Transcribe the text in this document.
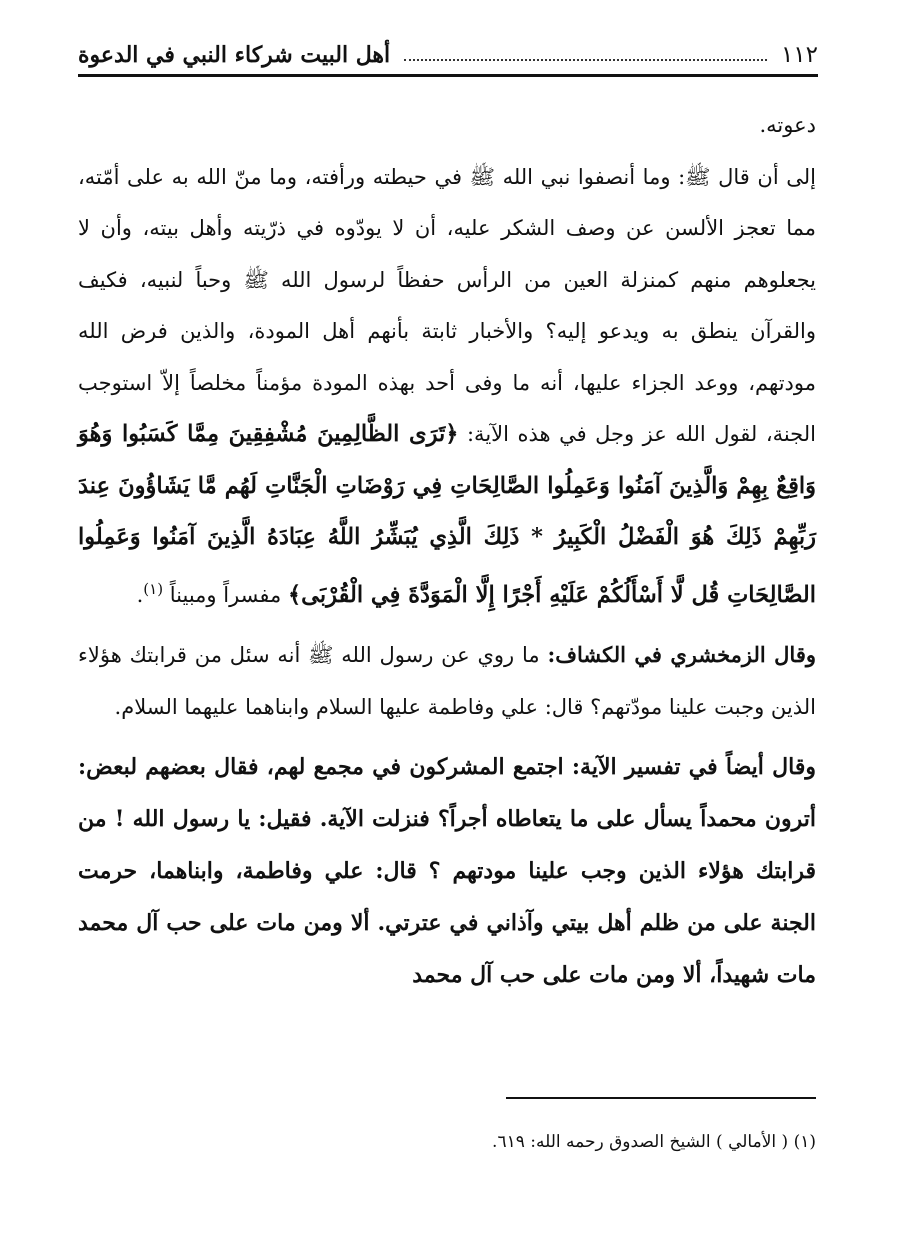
١١٢
أهل البيت شركاء النبي في الدعوة

دعوته.

إلى أن قال ﷺ: وما أنصفوا نبي الله ﷺ في حيطته ورأفته، وما منّ الله به على أمّته، مما تعجز الألسن عن وصف الشكر عليه، أن لا يودّوه في ذرّيته وأهل بيته، وأن لا يجعلوهم منهم كمنزلة العين من الرأس حفظاً لرسول الله ﷺ وحباً لنبيه، فكيف والقرآن ينطق به ويدعو إليه؟ والأخبار ثابتة بأنهم أهل المودة، والذين فرض الله مودتهم، ووعد الجزاء عليها، أنه ما وفى أحد بهذه المودة مؤمناً مخلصاً إلاّ استوجب الجنة، لقول الله عز وجل في هذه الآية: ﴿تَرَى الظَّالِمِينَ مُشْفِقِينَ مِمَّا كَسَبُوا وَهُوَ وَاقِعٌ بِهِمْ وَالَّذِينَ آمَنُوا وَعَمِلُوا الصَّالِحَاتِ فِي رَوْضَاتِ الْجَنَّاتِ لَهُم مَّا يَشَاؤُونَ عِندَ رَبِّهِمْ ذَلِكَ هُوَ الْفَضْلُ الْكَبِيرُ * ذَلِكَ الَّذِي يُبَشِّرُ اللَّهُ عِبَادَهُ الَّذِينَ آمَنُوا وَعَمِلُوا الصَّالِحَاتِ قُل لَّا أَسْأَلُكُمْ عَلَيْهِ أَجْرًا إِلَّا الْمَوَدَّةَ فِي الْقُرْبَى﴾ مفسراً ومبيناً $^{(١)}$.

وقال الزمخشري في الكشاف: ما روي عن رسول الله ﷺ أنه سئل من قرابتك هؤلاء الذين وجبت علينا مودّتهم؟ قال: علي وفاطمة عليها السلام وابناهما عليهما السلام.

وقال أيضاً في تفسير الآية: اجتمع المشركون في مجمع لهم، فقال بعضهم لبعض: أترون محمداً يسأل على ما يتعاطاه أجراً؟ فنزلت الآية. فقيل: يا رسول الله ! من قرابتك هؤلاء الذين وجب علينا مودتهم ؟ قال: علي وفاطمة، وابناهما، حرمت الجنة على من ظلم أهل بيتي وآذاني في عترتي. ألا ومن مات على حب آل محمد مات شهيداً، ألا ومن مات على حب آل محمد

(١) ( الأمالي ) الشيخ الصدوق رحمه الله: ٦١٩.
